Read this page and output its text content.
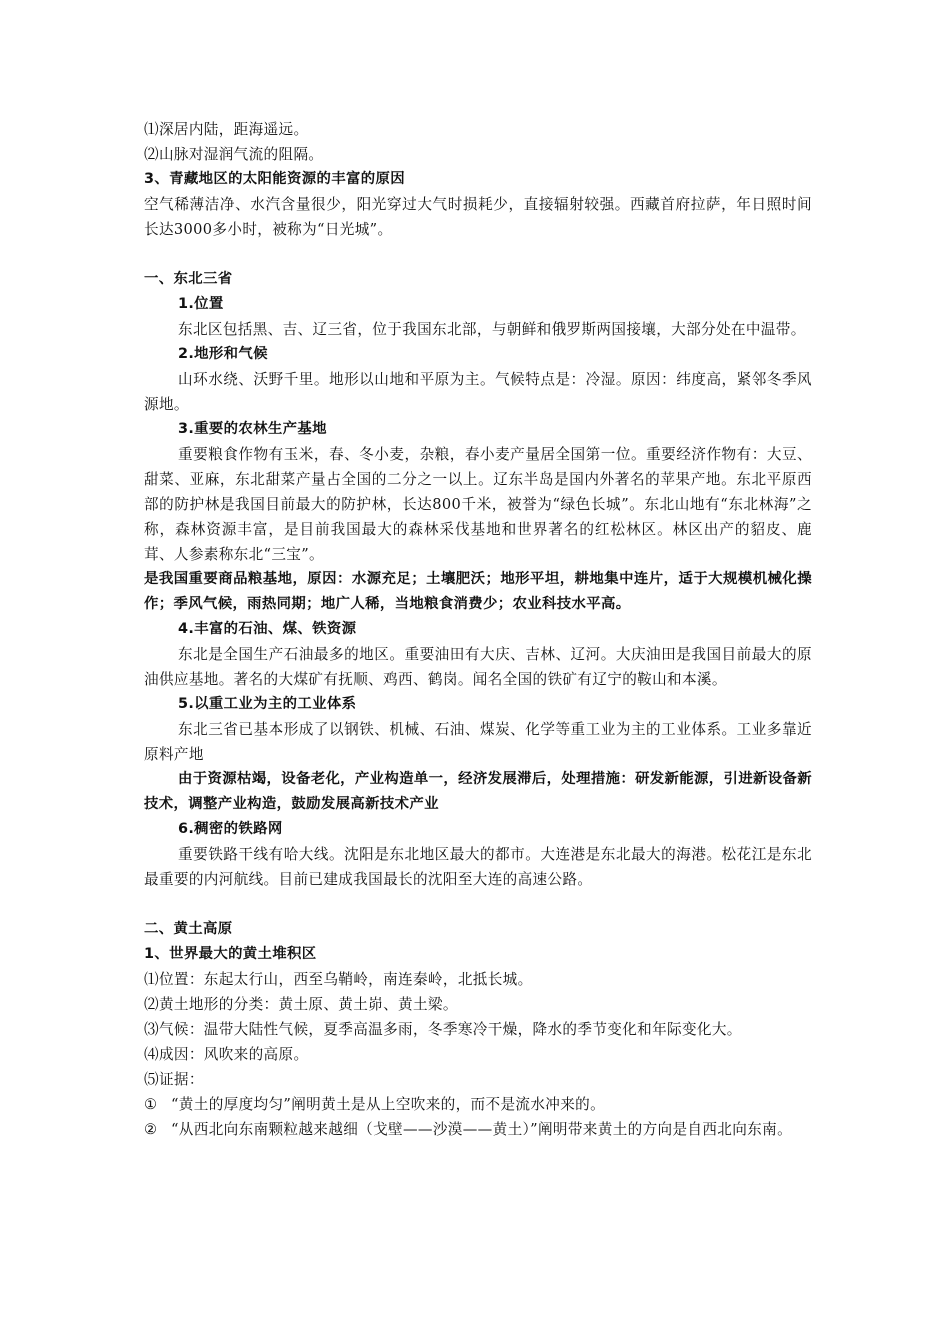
⑴深居内陆，距海遥远。

⑵山脉对湿润气流的阻隔。

3、青藏地区的太阳能资源的丰富的原因

空气稀薄洁净、水汽含量很少，阳光穿过大气时损耗少，直接辐射较强。西藏首府拉萨，年日照时间长达3000多小时，被称为“日光城”。

一、东北三省

1.位置

东北区包括黑、吉、辽三省，位于我国东北部，与朝鲜和俄罗斯两国接壤，大部分处在中温带。

2.地形和气候

山环水绕、沃野千里。地形以山地和平原为主。气候特点是：冷湿。原因：纬度高，紧邻冬季风源地。

3.重要的农林生产基地

重要粮食作物有玉米，春、冬小麦，杂粮，春小麦产量居全国第一位。重要经济作物有：大豆、甜菜、亚麻，东北甜菜产量占全国的二分之一以上。辽东半岛是国内外著名的苹果产地。东北平原西部的防护林是我国目前最大的防护林，长达800千米，被誉为“绿色长城”。东北山地有“东北林海”之称，森林资源丰富，是目前我国最大的森林采伐基地和世界著名的红松林区。林区出产的貂皮、鹿茸、人参素称东北“三宝”。

是我国重要商品粮基地，原因：水源充足；土壤肥沃；地形平坦，耕地集中连片，适于大规模机械化操作；季风气候，雨热同期；地广人稀，当地粮食消费少；农业科技水平高。

4.丰富的石油、煤、铁资源

东北是全国生产石油最多的地区。重要油田有大庆、吉林、辽河。大庆油田是我国目前最大的原油供应基地。著名的大煤矿有抚顺、鸡西、鹤岗。闻名全国的铁矿有辽宁的鞍山和本溪。

5.以重工业为主的工业体系

东北三省已基本形成了以钢铁、机械、石油、煤炭、化学等重工业为主的工业体系。工业多靠近原料产地

由于资源枯竭，设备老化，产业构造单一，经济发展滞后，处理措施：研发新能源，引进新设备新技术，调整产业构造，鼓励发展高新技术产业

6.稠密的铁路网

重要铁路干线有哈大线。沈阳是东北地区最大的都市。大连港是东北最大的海港。松花江是东北最重要的内河航线。目前已建成我国最长的沈阳至大连的高速公路。

二、黄土高原

1、世界最大的黄土堆积区

⑴位置：东起太行山，西至乌鞘岭，南连秦岭，北抵长城。

⑵黄土地形的分类：黄土原、黄土峁、黄土梁。

⑶气候：温带大陆性气候，夏季高温多雨，冬季寒冷干燥，降水的季节变化和年际变化大。

⑷成因：风吹来的高原。

⑸证据：

① “黄土的厚度均匀”阐明黄土是从上空吹来的，而不是流水冲来的。
② “从西北向东南颗粒越来越细（戈壁——沙漠——黄土）”阐明带来黄土的方向是自西北向东南。
